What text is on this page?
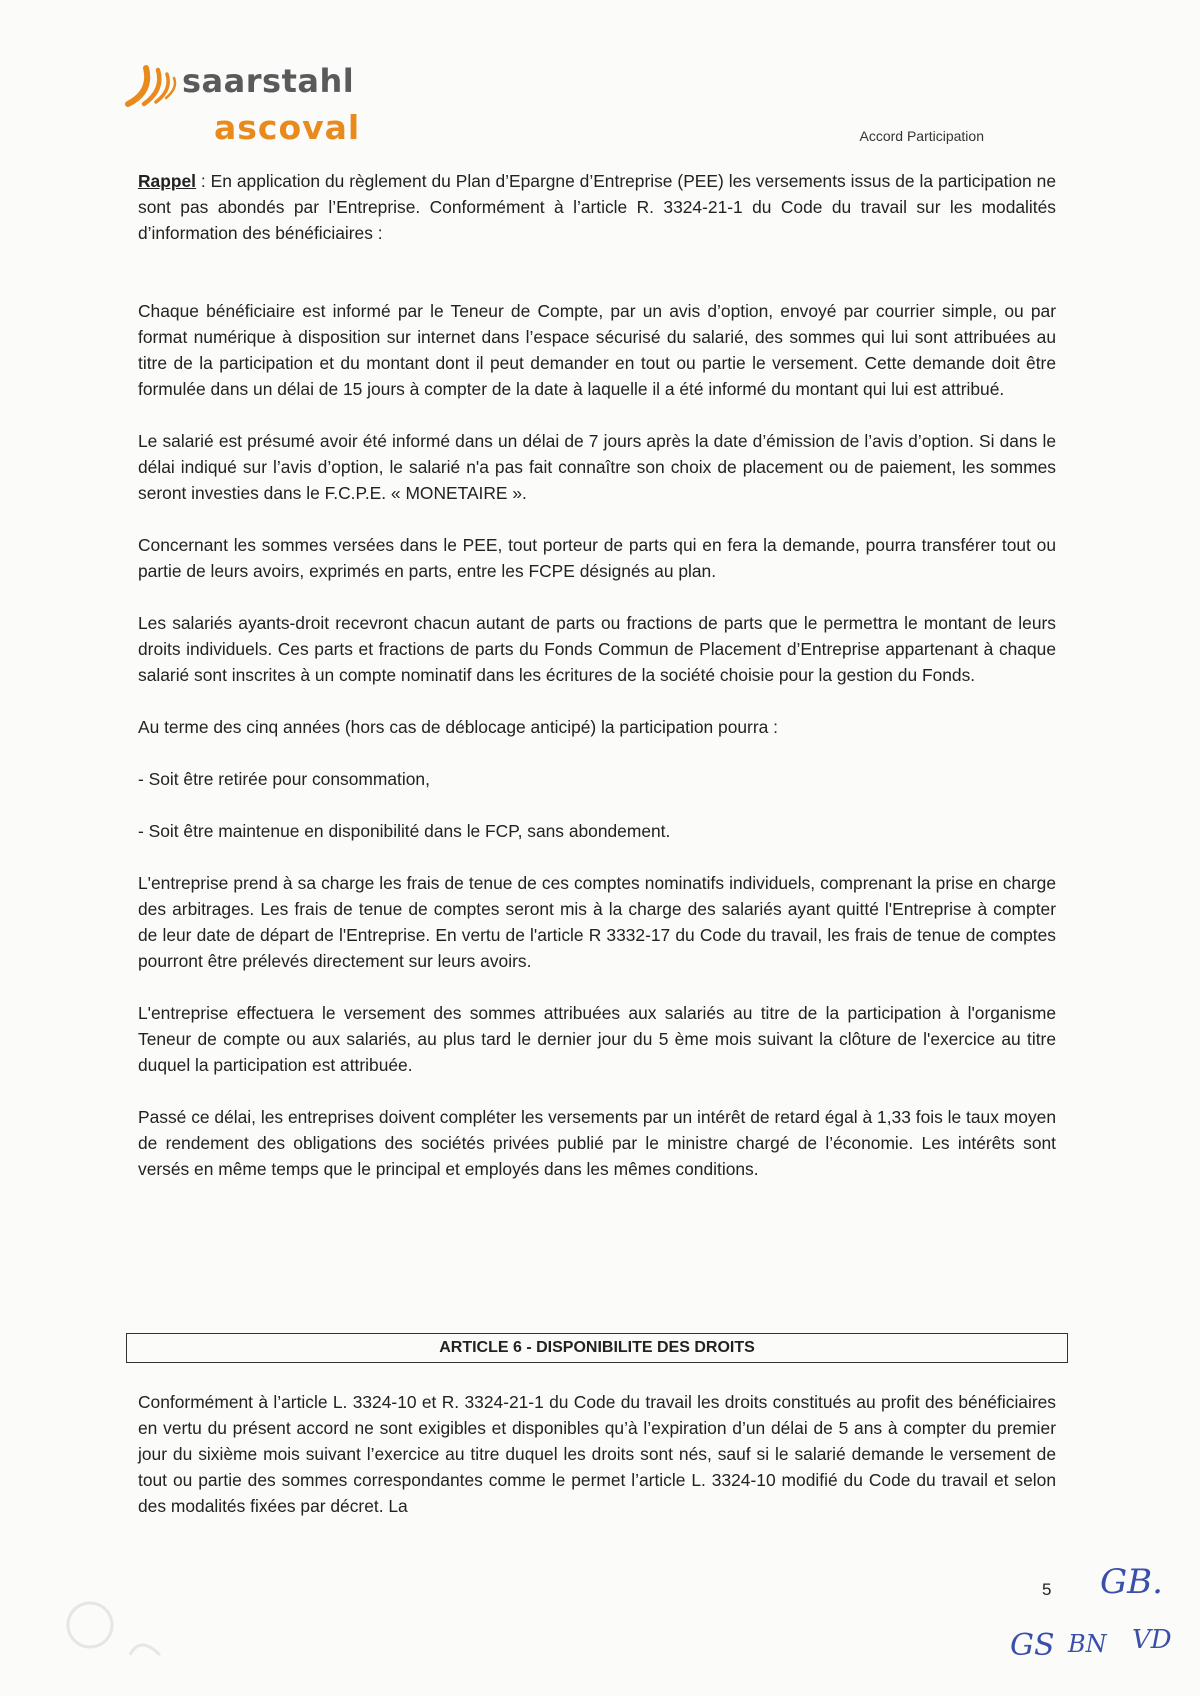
saarstahl
ascoval	Accord Participation

Rappel : En application du règlement du Plan d’Epargne d’Entreprise (PEE) les versements issus de la participation ne sont pas abondés par l’Entreprise. Conformément à l’article R. 3324-21-1 du Code du travail sur les modalités d’information des bénéficiaires :

Chaque bénéficiaire est informé par le Teneur de Compte, par un avis d’option, envoyé par courrier simple, ou par format numérique à disposition sur internet dans l’espace sécurisé du salarié, des sommes qui lui sont attribuées au titre de la participation et du montant dont il peut demander en tout ou partie le versement. Cette demande doit être formulée dans un délai de 15 jours à compter de la date à laquelle il a été informé du montant qui lui est attribué.

Le salarié est présumé avoir été informé dans un délai de 7 jours après la date d’émission de l’avis d’option. Si dans le délai indiqué sur l’avis d’option, le salarié n'a pas fait connaître son choix de placement ou de paiement, les sommes seront investies dans le F.C.P.E. « MONETAIRE ».

Concernant les sommes versées dans le PEE, tout porteur de parts qui en fera la demande, pourra transférer tout ou partie de leurs avoirs, exprimés en parts, entre les FCPE désignés au plan.

Les salariés ayants-droit recevront chacun autant de parts ou fractions de parts que le permettra le montant de leurs droits individuels. Ces parts et fractions de parts du Fonds Commun de Placement d’Entreprise appartenant à chaque salarié sont inscrites à un compte nominatif dans les écritures de la société choisie pour la gestion du Fonds.

Au terme des cinq années (hors cas de déblocage anticipé) la participation pourra :

- Soit être retirée pour consommation,

- Soit être maintenue en disponibilité dans le FCP, sans abondement.

L'entreprise prend à sa charge les frais de tenue de ces comptes nominatifs individuels, comprenant la prise en charge des arbitrages. Les frais de tenue de comptes seront mis à la charge des salariés ayant quitté l'Entreprise à compter de leur date de départ de l'Entreprise. En vertu de l'article R 3332-17 du Code du travail, les frais de tenue de comptes pourront être prélevés directement sur leurs avoirs.

L'entreprise effectuera le versement des sommes attribuées aux salariés au titre de la participation à l'organisme Teneur de compte ou aux salariés, au plus tard le dernier jour du 5 ème mois suivant la clôture de l'exercice au titre duquel la participation est attribuée.

Passé ce délai, les entreprises doivent compléter les versements par un intérêt de retard égal à 1,33 fois le taux moyen de rendement des obligations des sociétés privées publié par le ministre chargé de l’économie. Les intérêts sont versés en même temps que le principal et employés dans les mêmes conditions.

ARTICLE 6 - DISPONIBILITE DES DROITS
Conformément à l’article L. 3324-10 et R. 3324-21-1 du Code du travail les droits constitués au profit des bénéficiaires en vertu du présent accord ne sont exigibles et disponibles qu’à l’expiration d’un délai de 5 ans à compter du premier jour du sixième mois suivant l’exercice au titre duquel les droits sont nés, sauf si le salarié demande le versement de tout ou partie des sommes correspondantes comme le permet l’article L. 3324-10 modifié du Code du travail et selon des modalités fixées par décret. La
5 GB.
GS BN VD
